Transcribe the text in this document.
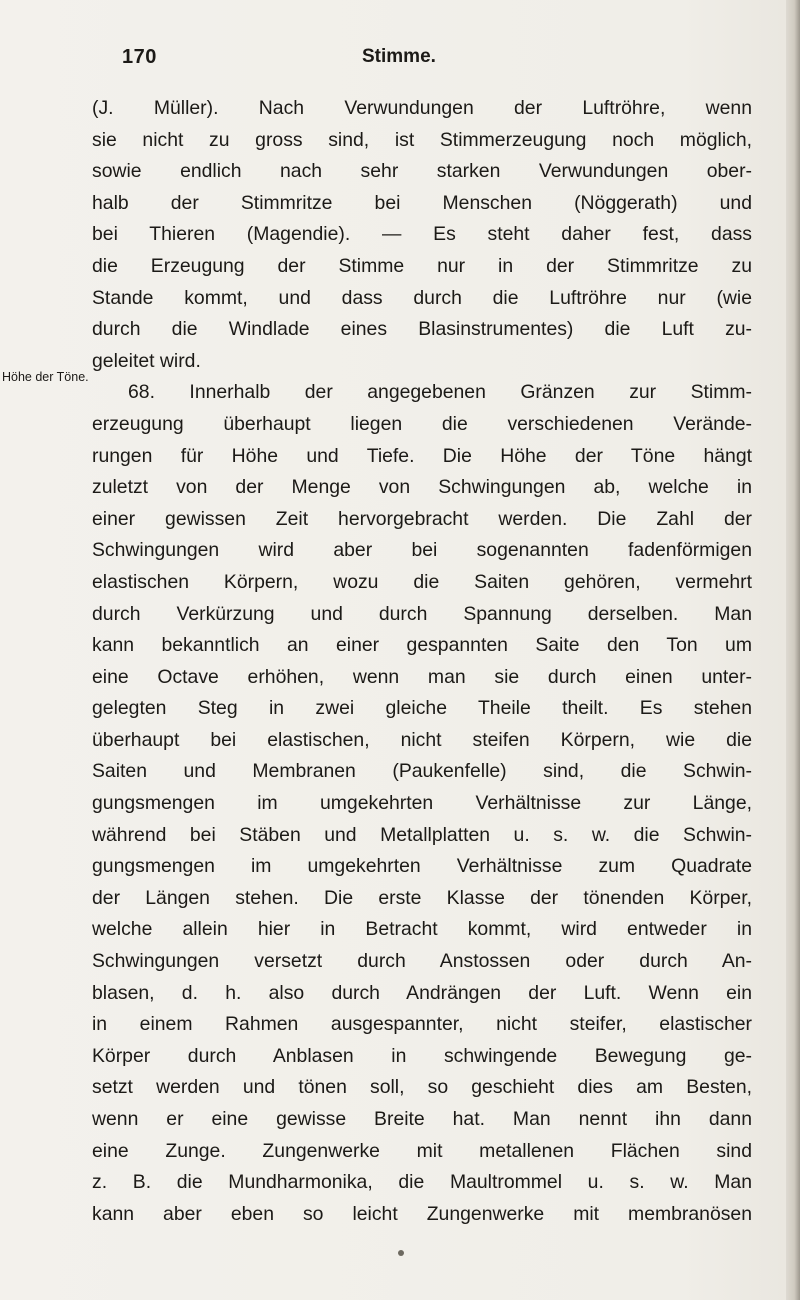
170	Stimme.
Höhe der Töne.
(J. Müller). Nach Verwundungen der Luftröhre, wenn
sie nicht zu gross sind, ist Stimmerzeugung noch möglich,
sowie endlich nach sehr starken Verwundungen ober-
halb der Stimmritze bei Menschen (Nöggerath) und
bei Thieren (Magendie). — Es steht daher fest, dass
die Erzeugung der Stimme nur in der Stimmritze zu
Stande kommt, und dass durch die Luftröhre nur (wie
durch die Windlade eines Blasinstrumentes) die Luft zu-
geleitet wird.
68. Innerhalb der angegebenen Gränzen zur Stimm-
erzeugung überhaupt liegen die verschiedenen Verände-
rungen für Höhe und Tiefe. Die Höhe der Töne hängt
zuletzt von der Menge von Schwingungen ab, welche in
einer gewissen Zeit hervorgebracht werden. Die Zahl der
Schwingungen wird aber bei sogenannten fadenförmigen
elastischen Körpern, wozu die Saiten gehören, vermehrt
durch Verkürzung und durch Spannung derselben. Man
kann bekanntlich an einer gespannten Saite den Ton um
eine Octave erhöhen, wenn man sie durch einen unter-
gelegten Steg in zwei gleiche Theile theilt. Es stehen
überhaupt bei elastischen, nicht steifen Körpern, wie die
Saiten und Membranen (Paukenfelle) sind, die Schwin-
gungsmengen im umgekehrten Verhältnisse zur Länge,
während bei Stäben und Metallplatten u. s. w. die Schwin-
gungsmengen im umgekehrten Verhältnisse zum Quadrate
der Längen stehen. Die erste Klasse der tönenden Körper,
welche allein hier in Betracht kommt, wird entweder in
Schwingungen versetzt durch Anstossen oder durch An-
blasen, d. h. also durch Andrängen der Luft. Wenn ein
in einem Rahmen ausgespannter, nicht steifer, elastischer
Körper durch Anblasen in schwingende Bewegung ge-
setzt werden und tönen soll, so geschieht dies am Besten,
wenn er eine gewisse Breite hat. Man nennt ihn dann
eine Zunge. Zungenwerke mit metallenen Flächen sind
z. B. die Mundharmonika, die Maultrommel u. s. w. Man
kann aber eben so leicht Zungenwerke mit membranösen
